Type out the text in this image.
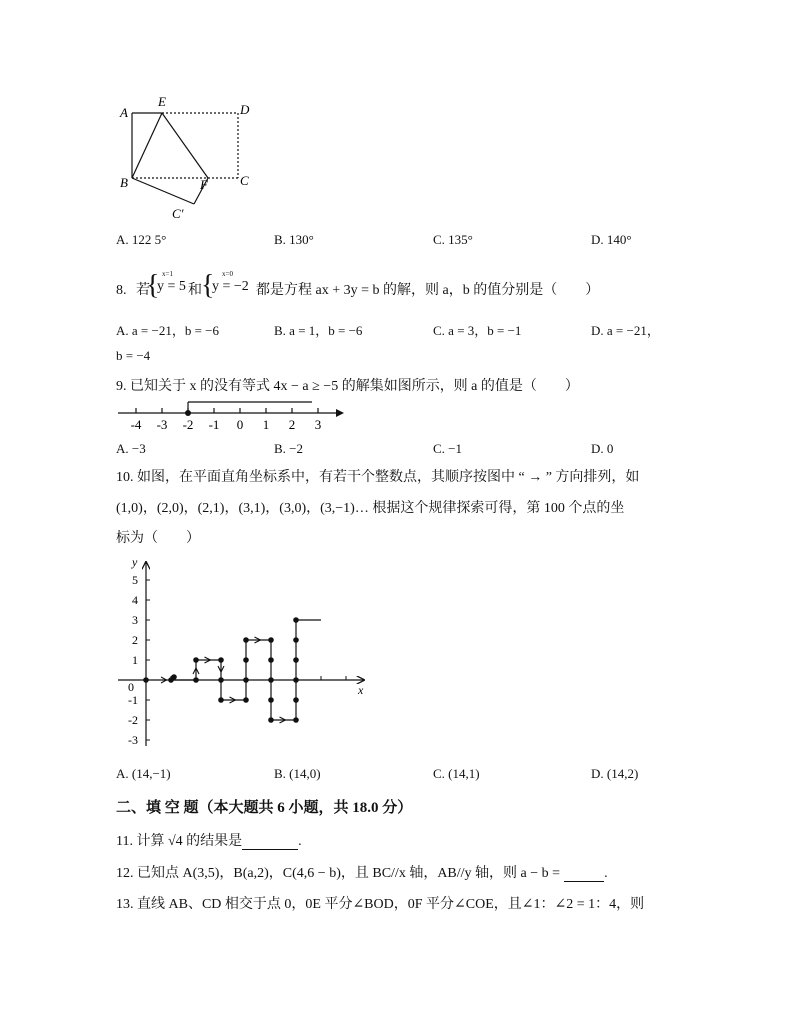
A
E
D
B	F C
C′
A. 122 5°	B. 130°	C. 135°	D. 140°
8. 若
{ x=1
y = 5 和 { x=0
y = −2 都是方程 ax + 3y = b 的解，则 a，b 的值分别是（　　）
A. a = −21，b = −6	B. a = 1，b = −6	C. a = 3，b = −1	D. a = −21，
b = −4
9. 已知关于 x 的没有等式 4x − a ≥ −5 的解集如图所示，则 a 的值是（　　）
-4 -3 -2 -1 0 1 2 3
A. −3	B. −2	C. −1	D. 0
10. 如图，在平面直角坐标系中，有若干个整数点，其顺序按图中 “ → ” 方向排列，如
(1,0)，(2,0)，(2,1)，(3,1)，(3,0)，(3,−1)… 根据这个规律探索可得，第 100 个点的坐
标为（　　）
y
x
0
5
4
3
2
1
-1
-2
-3
A. (14,−1)	B. (14,0)	C. (14,1)	D. (14,2)
二、填 空 题（本大题共 6 小题，共 18.0 分）
11. 计算 √4 的结果是	.
12. 已知点 A(3,5)，B(a,2)，C(4,6 − b)，且 BC//x 轴，AB//y 轴，则 a − b =	.
13. 直线 AB、CD 相交于点 0，0E 平分∠BOD，0F 平分∠COE，且∠1：∠2 = 1：4，则
